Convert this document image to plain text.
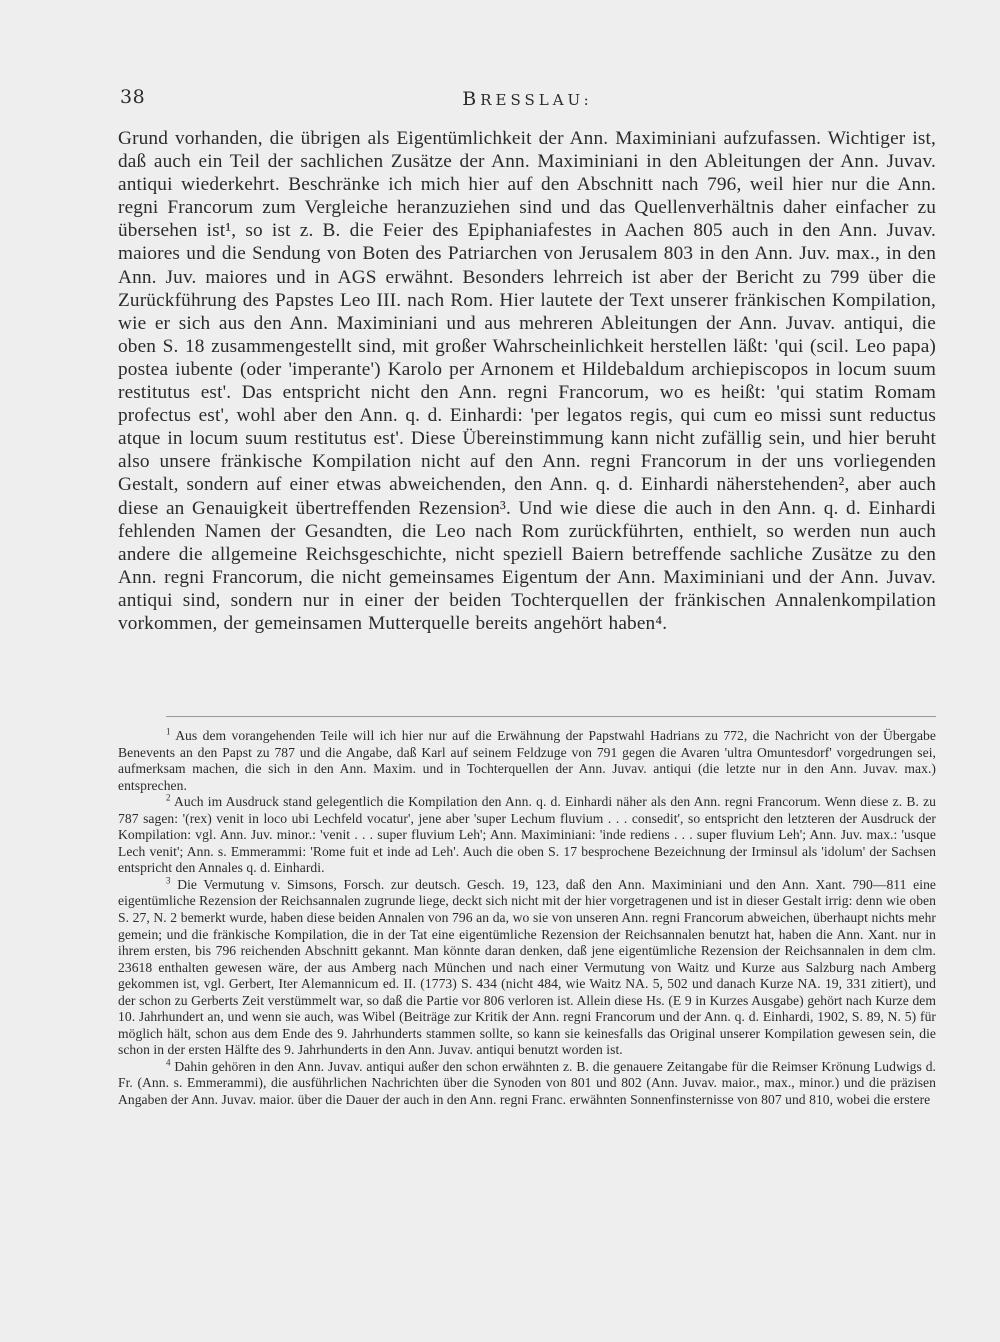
38	BRESSLAU:

Grund vorhanden, die übrigen als Eigentümlichkeit der Ann. Maximiniani aufzufassen. Wichtiger ist, daß auch ein Teil der sachlichen Zusätze der Ann. Maximiniani in den Ableitungen der Ann. Juvav. antiqui wiederkehrt. Beschränke ich mich hier auf den Abschnitt nach 796, weil hier nur die Ann. regni Francorum zum Vergleiche heranzuziehen sind und das Quellenverhältnis daher einfacher zu übersehen ist¹, so ist z. B. die Feier des Epiphaniafestes in Aachen 805 auch in den Ann. Juvav. maiores und die Sendung von Boten des Patriarchen von Jerusalem 803 in den Ann. Juv. max., in den Ann. Juv. maiores und in AGS erwähnt. Besonders lehrreich ist aber der Bericht zu 799 über die Zurückführung des Papstes Leo III. nach Rom. Hier lautete der Text unserer fränkischen Kompilation, wie er sich aus den Ann. Maximiniani und aus mehreren Ableitungen der Ann. Juvav. antiqui, die oben S. 18 zusammengestellt sind, mit großer Wahrscheinlichkeit herstellen läßt: 'qui (scil. Leo papa) postea iubente (oder 'imperante') Karolo per Arnonem et Hildebaldum archiepiscopos in locum suum restitutus est'. Das entspricht nicht den Ann. regni Francorum, wo es heißt: 'qui statim Romam profectus est', wohl aber den Ann. q. d. Einhardi: 'per legatos regis, qui cum eo missi sunt reductus atque in locum suum restitutus est'. Diese Übereinstimmung kann nicht zufällig sein, und hier beruht also unsere fränkische Kompilation nicht auf den Ann. regni Francorum in der uns vorliegenden Gestalt, sondern auf einer etwas abweichenden, den Ann. q. d. Einhardi näherstehenden², aber auch diese an Genauigkeit übertreffenden Rezension³. Und wie diese die auch in den Ann. q. d. Einhardi fehlenden Namen der Gesandten, die Leo nach Rom zurückführten, enthielt, so werden nun auch andere die allgemeine Reichsgeschichte, nicht speziell Baiern betreffende sachliche Zusätze zu den Ann. regni Francorum, die nicht gemeinsames Eigentum der Ann. Maximiniani und der Ann. Juvav. antiqui sind, sondern nur in einer der beiden Tochterquellen der fränkischen Annalenkompilation vorkommen, der gemeinsamen Mutterquelle bereits angehört haben⁴.

$^1$ Aus dem vorangehenden Teile will ich hier nur auf die Erwähnung der Papstwahl Hadrians zu 772, die Nachricht von der Übergabe Benevents an den Papst zu 787 und die Angabe, daß Karl auf seinem Feldzuge von 791 gegen die Avaren 'ultra Omuntesdorf' vorgedrungen sei, aufmerksam machen, die sich in den Ann. Maxim. und in Tochterquellen der Ann. Juvav. antiqui (die letzte nur in den Ann. Juvav. max.) entsprechen.

$^2$ Auch im Ausdruck stand gelegentlich die Kompilation den Ann. q. d. Einhardi näher als den Ann. regni Francorum. Wenn diese z. B. zu 787 sagen: '(rex) venit in loco ubi Lechfeld vocatur', jene aber 'super Lechum fluvium . . . consedit', so entspricht den letzteren der Ausdruck der Kompilation: vgl. Ann. Juv. minor.: 'venit . . . super fluvium Leh'; Ann. Maximiniani: 'inde rediens . . . super fluvium Leh'; Ann. Juv. max.: 'usque Lech venit'; Ann. s. Emmerammi: 'Rome fuit et inde ad Leh'. Auch die oben S. 17 besprochene Bezeichnung der Irminsul als 'idolum' der Sachsen entspricht den Annales q. d. Einhardi.

$^3$ Die Vermutung v. Simsons, Forsch. zur deutsch. Gesch. 19, 123, daß den Ann. Maximiniani und den Ann. Xant. 790—811 eine eigentümliche Rezension der Reichsannalen zugrunde liege, deckt sich nicht mit der hier vorgetragenen und ist in dieser Gestalt irrig: denn wie oben S. 27, N. 2 bemerkt wurde, haben diese beiden Annalen von 796 an da, wo sie von unseren Ann. regni Francorum abweichen, überhaupt nichts mehr gemein; und die fränkische Kompilation, die in der Tat eine eigentümliche Rezension der Reichsannalen benutzt hat, haben die Ann. Xant. nur in ihrem ersten, bis 796 reichenden Abschnitt gekannt. Man könnte daran denken, daß jene eigentümliche Rezension der Reichsannalen in dem clm. 23618 enthalten gewesen wäre, der aus Amberg nach München und nach einer Vermutung von Waitz und Kurze aus Salzburg nach Amberg gekommen ist, vgl. Gerbert, Iter Alemannicum ed. II. (1773) S. 434 (nicht 484, wie Waitz NA. 5, 502 und danach Kurze NA. 19, 331 zitiert), und der schon zu Gerberts Zeit verstümmelt war, so daß die Partie vor 806 verloren ist. Allein diese Hs. (E 9 in Kurzes Ausgabe) gehört nach Kurze dem 10. Jahrhundert an, und wenn sie auch, was Wibel (Beiträge zur Kritik der Ann. regni Francorum und der Ann. q. d. Einhardi, 1902, S. 89, N. 5) für möglich hält, schon aus dem Ende des 9. Jahrhunderts stammen sollte, so kann sie keinesfalls das Original unserer Kompilation gewesen sein, die schon in der ersten Hälfte des 9. Jahrhunderts in den Ann. Juvav. antiqui benutzt worden ist.

$^4$ Dahin gehören in den Ann. Juvav. antiqui außer den schon erwähnten z. B. die genauere Zeitangabe für die Reimser Krönung Ludwigs d. Fr. (Ann. s. Emmerammi), die ausführlichen Nachrichten über die Synoden von 801 und 802 (Ann. Juvav. maior., max., minor.) und die präzisen Angaben der Ann. Juvav. maior. über die Dauer der auch in den Ann. regni Franc. erwähnten Sonnenfinsternisse von 807 und 810, wobei die erstere
